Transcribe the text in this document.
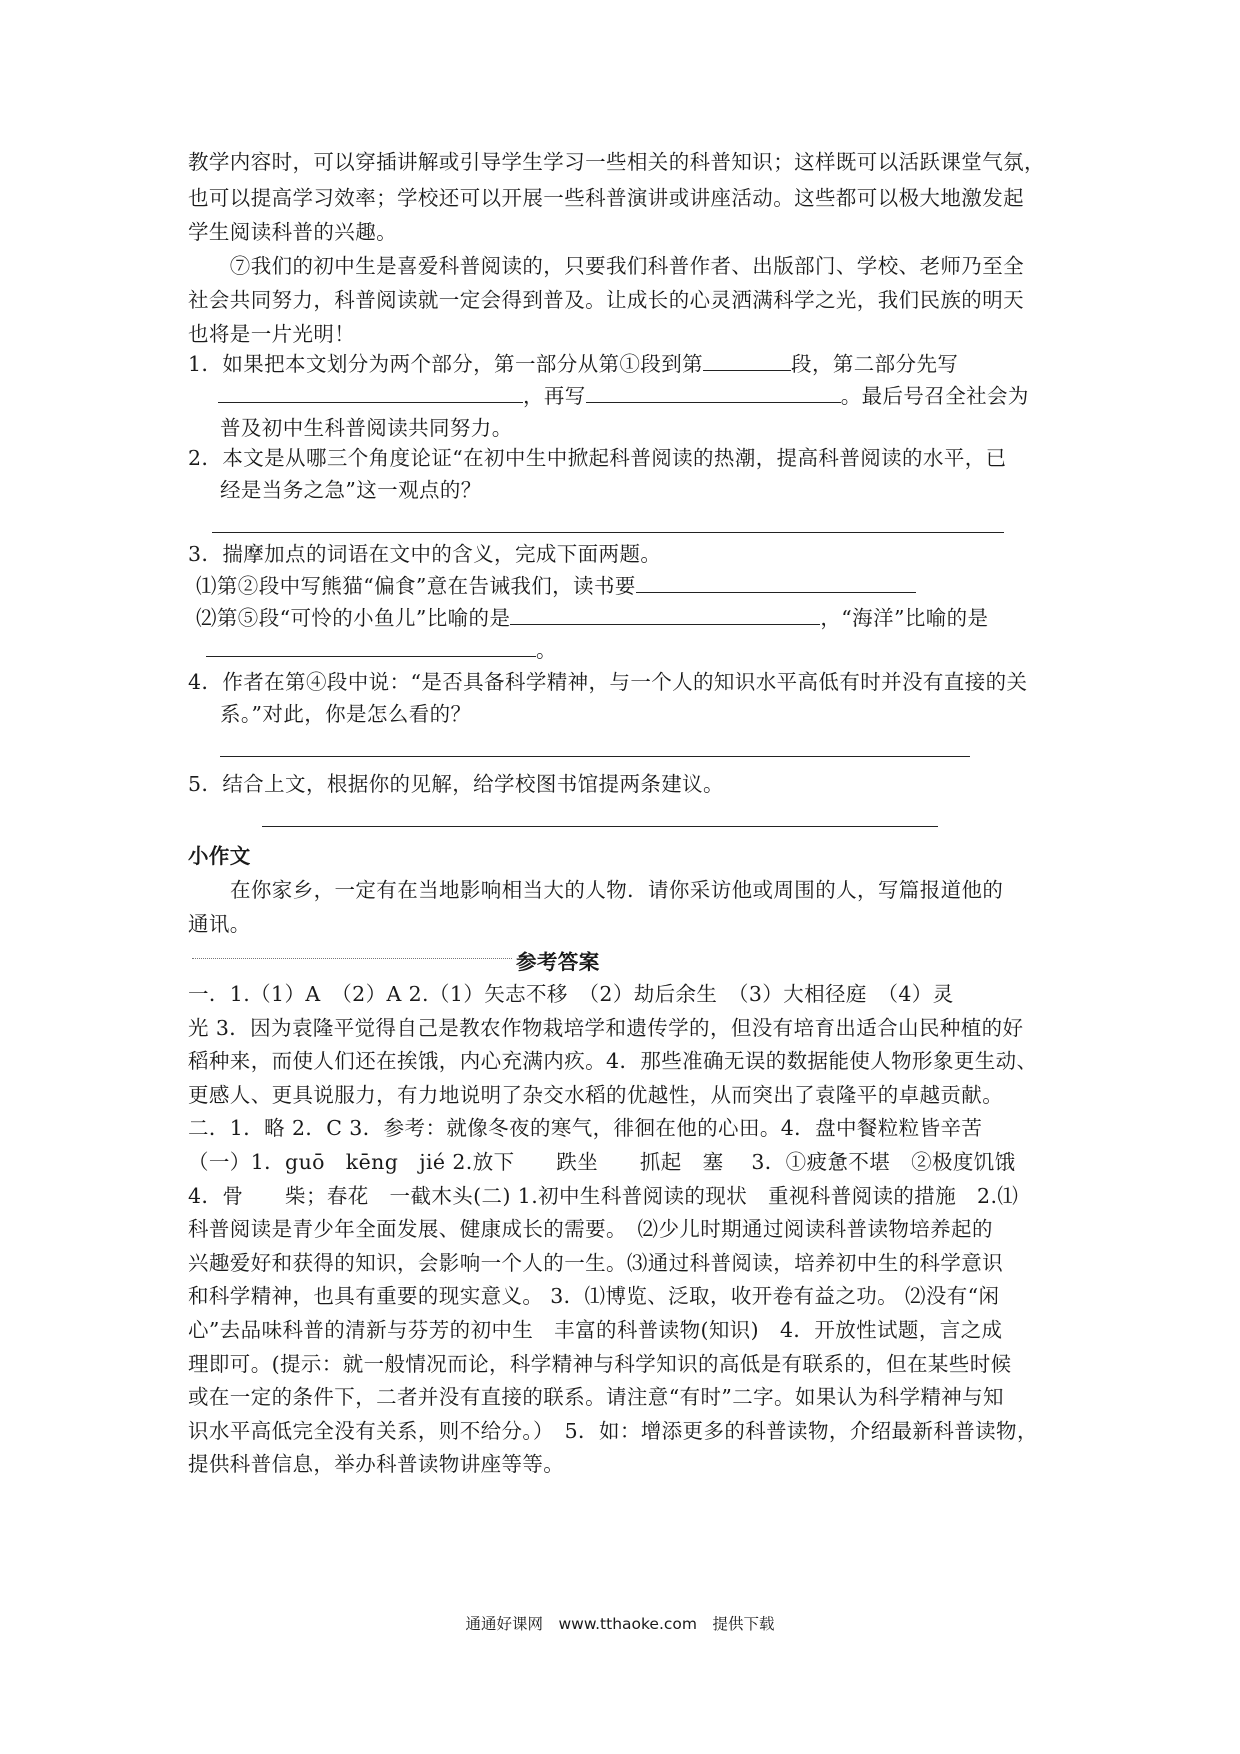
教学内容时，可以穿插讲解或引导学生学习一些相关的科普知识；这样既可以活跃课堂气氛，
也可以提高学习效率；学校还可以开展一些科普演讲或讲座活动。这些都可以极大地激发起
学生阅读科普的兴趣。
　　⑦我们的初中生是喜爱科普阅读的，只要我们科普作者、出版部门、学校、老师乃至全
社会共同努力，科普阅读就一定会得到普及。让成长的心灵洒满科学之光，我们民族的明天
也将是一片光明！
1．如果把本文划分为两个部分，第一部分从第①段到第	段，第二部分先写
，再写	。最后号召全社会为
普及初中生科普阅读共同努力。
2．本文是从哪三个角度论证“在初中生中掀起科普阅读的热潮，提高科普阅读的水平，已
经是当务之急”这一观点的？
3．揣摩加点的词语在文中的含义，完成下面两题。
⑴第②段中写熊猫“偏食”意在告诫我们，读书要
⑵第⑤段“可怜的小鱼儿”比喻的是	，“海洋”比喻的是
。
4．作者在第④段中说：“是否具备科学精神，与一个人的知识水平高低有时并没有直接的关
系。”对此，你是怎么看的？
5．结合上文，根据你的见解，给学校图书馆提两条建议。
小作文
在你家乡，一定有在当地影响相当大的人物．请你采访他或周围的人，写篇报道他的
通讯。
参考答案
一．1.（1）A　（2）A 2.（1）矢志不移　（2）劫后余生　（3）大相径庭　（4）灵
光 3．因为袁隆平觉得自己是教农作物栽培学和遗传学的，但没有培育出适合山民种植的好
稻种来，而使人们还在挨饿，内心充满内疚。4．那些准确无误的数据能使人物形象更生动、
更感人、更具说服力，有力地说明了杂交水稻的优越性，从而突出了袁隆平的卓越贡献。
二．1．略 2．C 3．参考：就像冬夜的寒气，徘徊在他的心田。4．盘中餐粒粒皆辛苦
（一）1．guō　kēng　jié 2.放下　　跌坐　　抓起　塞　 3．①疲惫不堪　②极度饥饿
4．骨　　柴；春花　一截木头(二) 1.初中生科普阅读的现状　重视科普阅读的措施　2.⑴
科普阅读是青少年全面发展、健康成长的需要。　⑵少儿时期通过阅读科普读物培养起的
兴趣爱好和获得的知识，会影响一个人的一生。⑶通过科普阅读，培养初中生的科学意识
和科学精神，也具有重要的现实意义。 3．⑴博览、泛取，收开卷有益之功。 ⑵没有“闲
心”去品味科普的清新与芬芳的初中生　丰富的科普读物(知识)　4．开放性试题，言之成
理即可。(提示：就一般情况而论，科学精神与科学知识的高低是有联系的，但在某些时候
或在一定的条件下，二者并没有直接的联系。请注意“有时”二字。如果认为科学精神与知
识水平高低完全没有关系，则不给分。）　5．如：增添更多的科普读物，介绍最新科普读物，
提供科普信息，举办科普读物讲座等等。
通通好课网　www.tthaoke.com　提供下载
